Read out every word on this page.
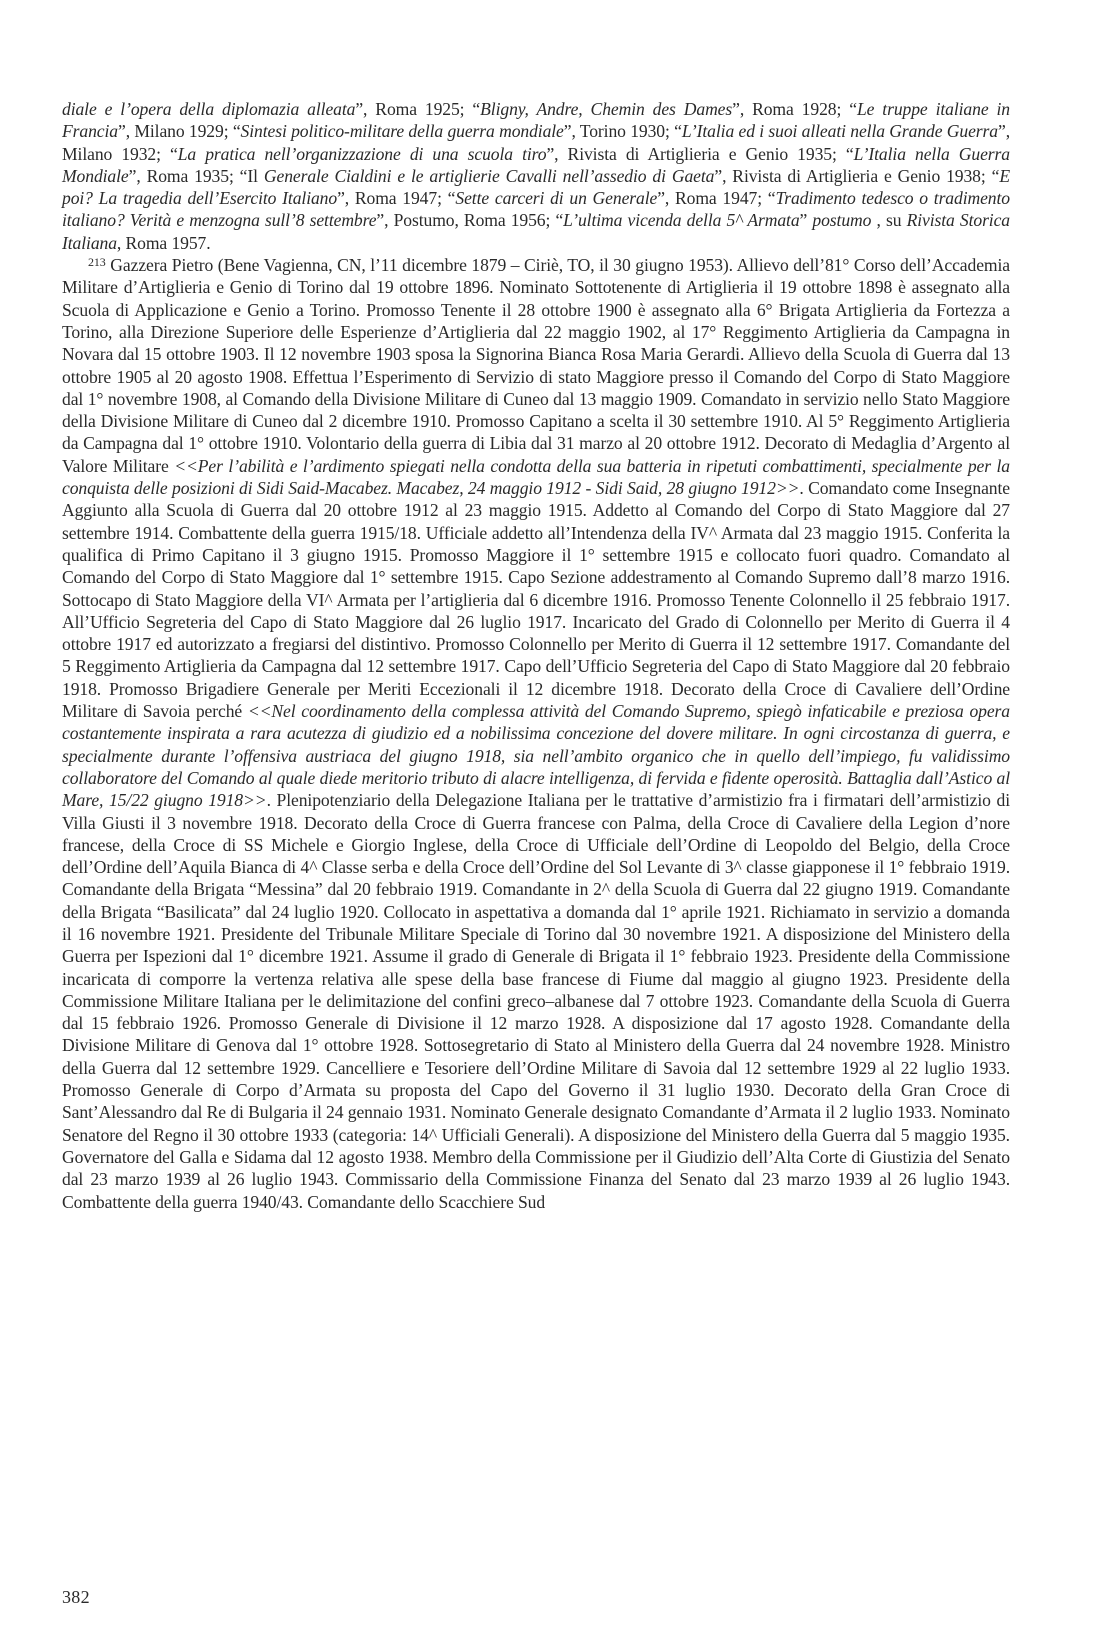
diale e l’opera della diplomazia alleata”, Roma 1925; “Bligny, Andre, Chemin des Dames”, Roma 1928; “Le truppe italiane in Francia”, Milano 1929; “Sintesi politico-militare della guerra mondiale”, Torino 1930; “L’Italia ed i suoi alleati nella Grande Guerra”, Milano 1932; “La pratica nell’organizzazione di una scuola tiro”, Rivista di Artiglieria e Genio 1935; “L’Italia nella Guerra Mondiale”, Roma 1935; “Il Generale Cialdini e le artiglierie Cavalli nell’assedio di Gaeta”, Rivista di Artiglieria e Genio 1938; “E poi? La tragedia dell’Esercito Italiano”, Roma 1947; “Sette carceri di un Generale”, Roma 1947; “Tradimento tedesco o tradimento italiano? Verità e menzogna sull’8 settembre”, Postumo, Roma 1956; “L’ultima vicenda della 5^ Armata” postumo , su Rivista Storica Italiana, Roma 1957.

$^{213}$ Gazzera Pietro (Bene Vagienna, CN, l’11 dicembre 1879 – Ciriè, TO, il 30 giugno 1953). Allievo dell’81° Corso dell’Accademia Militare d’Artiglieria e Genio di Torino dal 19 ottobre 1896. Nominato Sottotenente di Artiglieria il 19 ottobre 1898 è assegnato alla Scuola di Applicazione e Genio a Torino. Promosso Tenente il 28 ottobre 1900 è assegnato alla 6° Brigata Artiglieria da Fortezza a Torino, alla Direzione Superiore delle Esperienze d’Artiglieria dal 22 maggio 1902, al 17° Reggimento Artiglieria da Campagna in Novara dal 15 ottobre 1903. Il 12 novembre 1903 sposa la Signorina Bianca Rosa Maria Gerardi. Allievo della Scuola di Guerra dal 13 ottobre 1905 al 20 agosto 1908. Effettua l’Esperimento di Servizio di stato Maggiore presso il Comando del Corpo di Stato Maggiore dal 1° novembre 1908, al Comando della Divisione Militare di Cuneo dal 13 maggio 1909. Comandato in servizio nello Stato Maggiore della Divisione Militare di Cuneo dal 2 dicembre 1910. Promosso Capitano a scelta il 30 settembre 1910. Al 5° Reggimento Artiglieria da Campagna dal 1° ottobre 1910. Volontario della guerra di Libia dal 31 marzo al 20 ottobre 1912. Decorato di Medaglia d’Argento al Valore Militare <<Per l’abilità e l’ardimento spiegati nella condotta della sua batteria in ripetuti combattimenti, specialmente per la conquista delle posizioni di Sidi Said-Macabez. Macabez, 24 maggio 1912 - Sidi Said, 28 giugno 1912>>. Comandato come Insegnante Aggiunto alla Scuola di Guerra dal 20 ottobre 1912 al 23 maggio 1915. Addetto al Comando del Corpo di Stato Maggiore dal 27 settembre 1914. Combattente della guerra 1915/18. Ufficiale addetto all’Intendenza della IV^ Armata dal 23 maggio 1915. Conferita la qualifica di Primo Capitano il 3 giugno 1915. Promosso Maggiore il 1° settembre 1915 e collocato fuori quadro. Comandato al Comando del Corpo di Stato Maggiore dal 1° settembre 1915. Capo Sezione addestramento al Comando Supremo dall’8 marzo 1916. Sottocapo di Stato Maggiore della VI^ Armata per l’artiglieria dal 6 dicembre 1916. Promosso Tenente Colonnello il 25 febbraio 1917. All’Ufficio Segreteria del Capo di Stato Maggiore dal 26 luglio 1917. Incaricato del Grado di Colonnello per Merito di Guerra il 4 ottobre 1917 ed autorizzato a fregiarsi del distintivo. Promosso Colonnello per Merito di Guerra il 12 settembre 1917. Comandante del 5 Reggimento Artiglieria da Campagna dal 12 settembre 1917. Capo dell’Ufficio Segreteria del Capo di Stato Maggiore dal 20 febbraio 1918. Promosso Brigadiere Generale per Meriti Eccezionali il 12 dicembre 1918. Decorato della Croce di Cavaliere dell’Ordine Militare di Savoia perché <<Nel coordinamento della complessa attività del Comando Supremo, spiegò infaticabile e preziosa opera costantemente inspirata a rara acutezza di giudizio ed a nobilissima concezione del dovere militare. In ogni circostanza di guerra, e specialmente durante l’offensiva austriaca del giugno 1918, sia nell’ambito organico che in quello dell’impiego, fu validissimo collaboratore del Comando al quale diede meritorio tributo di alacre intelligenza, di fervida e fidente operosità. Battaglia dall’Astico al Mare, 15/22 giugno 1918>>. Plenipotenziario della Delegazione Italiana per le trattative d’armistizio fra i firmatari dell’armistizio di Villa Giusti il 3 novembre 1918. Decorato della Croce di Guerra francese con Palma, della Croce di Cavaliere della Legion d’nore francese, della Croce di SS Michele e Giorgio Inglese, della Croce di Ufficiale dell’Ordine di Leopoldo del Belgio, della Croce dell’Ordine dell’Aquila Bianca di 4^ Classe serba e della Croce dell’Ordine del Sol Levante di 3^ classe giapponese il 1° febbraio 1919. Comandante della Brigata “Messina” dal 20 febbraio 1919. Comandante in 2^ della Scuola di Guerra dal 22 giugno 1919. Comandante della Brigata “Basilicata” dal 24 luglio 1920. Collocato in aspettativa a domanda dal 1° aprile 1921. Richiamato in servizio a domanda il 16 novembre 1921. Presidente del Tribunale Militare Speciale di Torino dal 30 novembre 1921. A disposizione del Ministero della Guerra per Ispezioni dal 1° dicembre 1921. Assume il grado di Generale di Brigata il 1° febbraio 1923. Presidente della Commissione incaricata di comporre la vertenza relativa alle spese della base francese di Fiume dal maggio al giugno 1923. Presidente della Commissione Militare Italiana per le delimitazione del confini greco–albanese dal 7 ottobre 1923. Comandante della Scuola di Guerra dal 15 febbraio 1926. Promosso Generale di Divisione il 12 marzo 1928. A disposizione dal 17 agosto 1928. Comandante della Divisione Militare di Genova dal 1° ottobre 1928. Sottosegretario di Stato al Ministero della Guerra dal 24 novembre 1928. Ministro della Guerra dal 12 settembre 1929. Cancelliere e Tesoriere dell’Ordine Militare di Savoia dal 12 settembre 1929 al 22 luglio 1933. Promosso Generale di Corpo d’Armata su proposta del Capo del Governo il 31 luglio 1930. Decorato della Gran Croce di Sant’Alessandro dal Re di Bulgaria il 24 gennaio 1931. Nominato Generale designato Comandante d’Armata il 2 luglio 1933. Nominato Senatore del Regno il 30 ottobre 1933 (categoria: 14^ Ufficiali Generali). A disposizione del Ministero della Guerra dal 5 maggio 1935. Governatore del Galla e Sidama dal 12 agosto 1938. Membro della Commissione per il Giudizio dell’Alta Corte di Giustizia del Senato dal 23 marzo 1939 al 26 luglio 1943. Commissario della Commissione Finanza del Senato dal 23 marzo 1939 al 26 luglio 1943. Combattente della guerra 1940/43. Comandante dello Scacchiere Sud

382
